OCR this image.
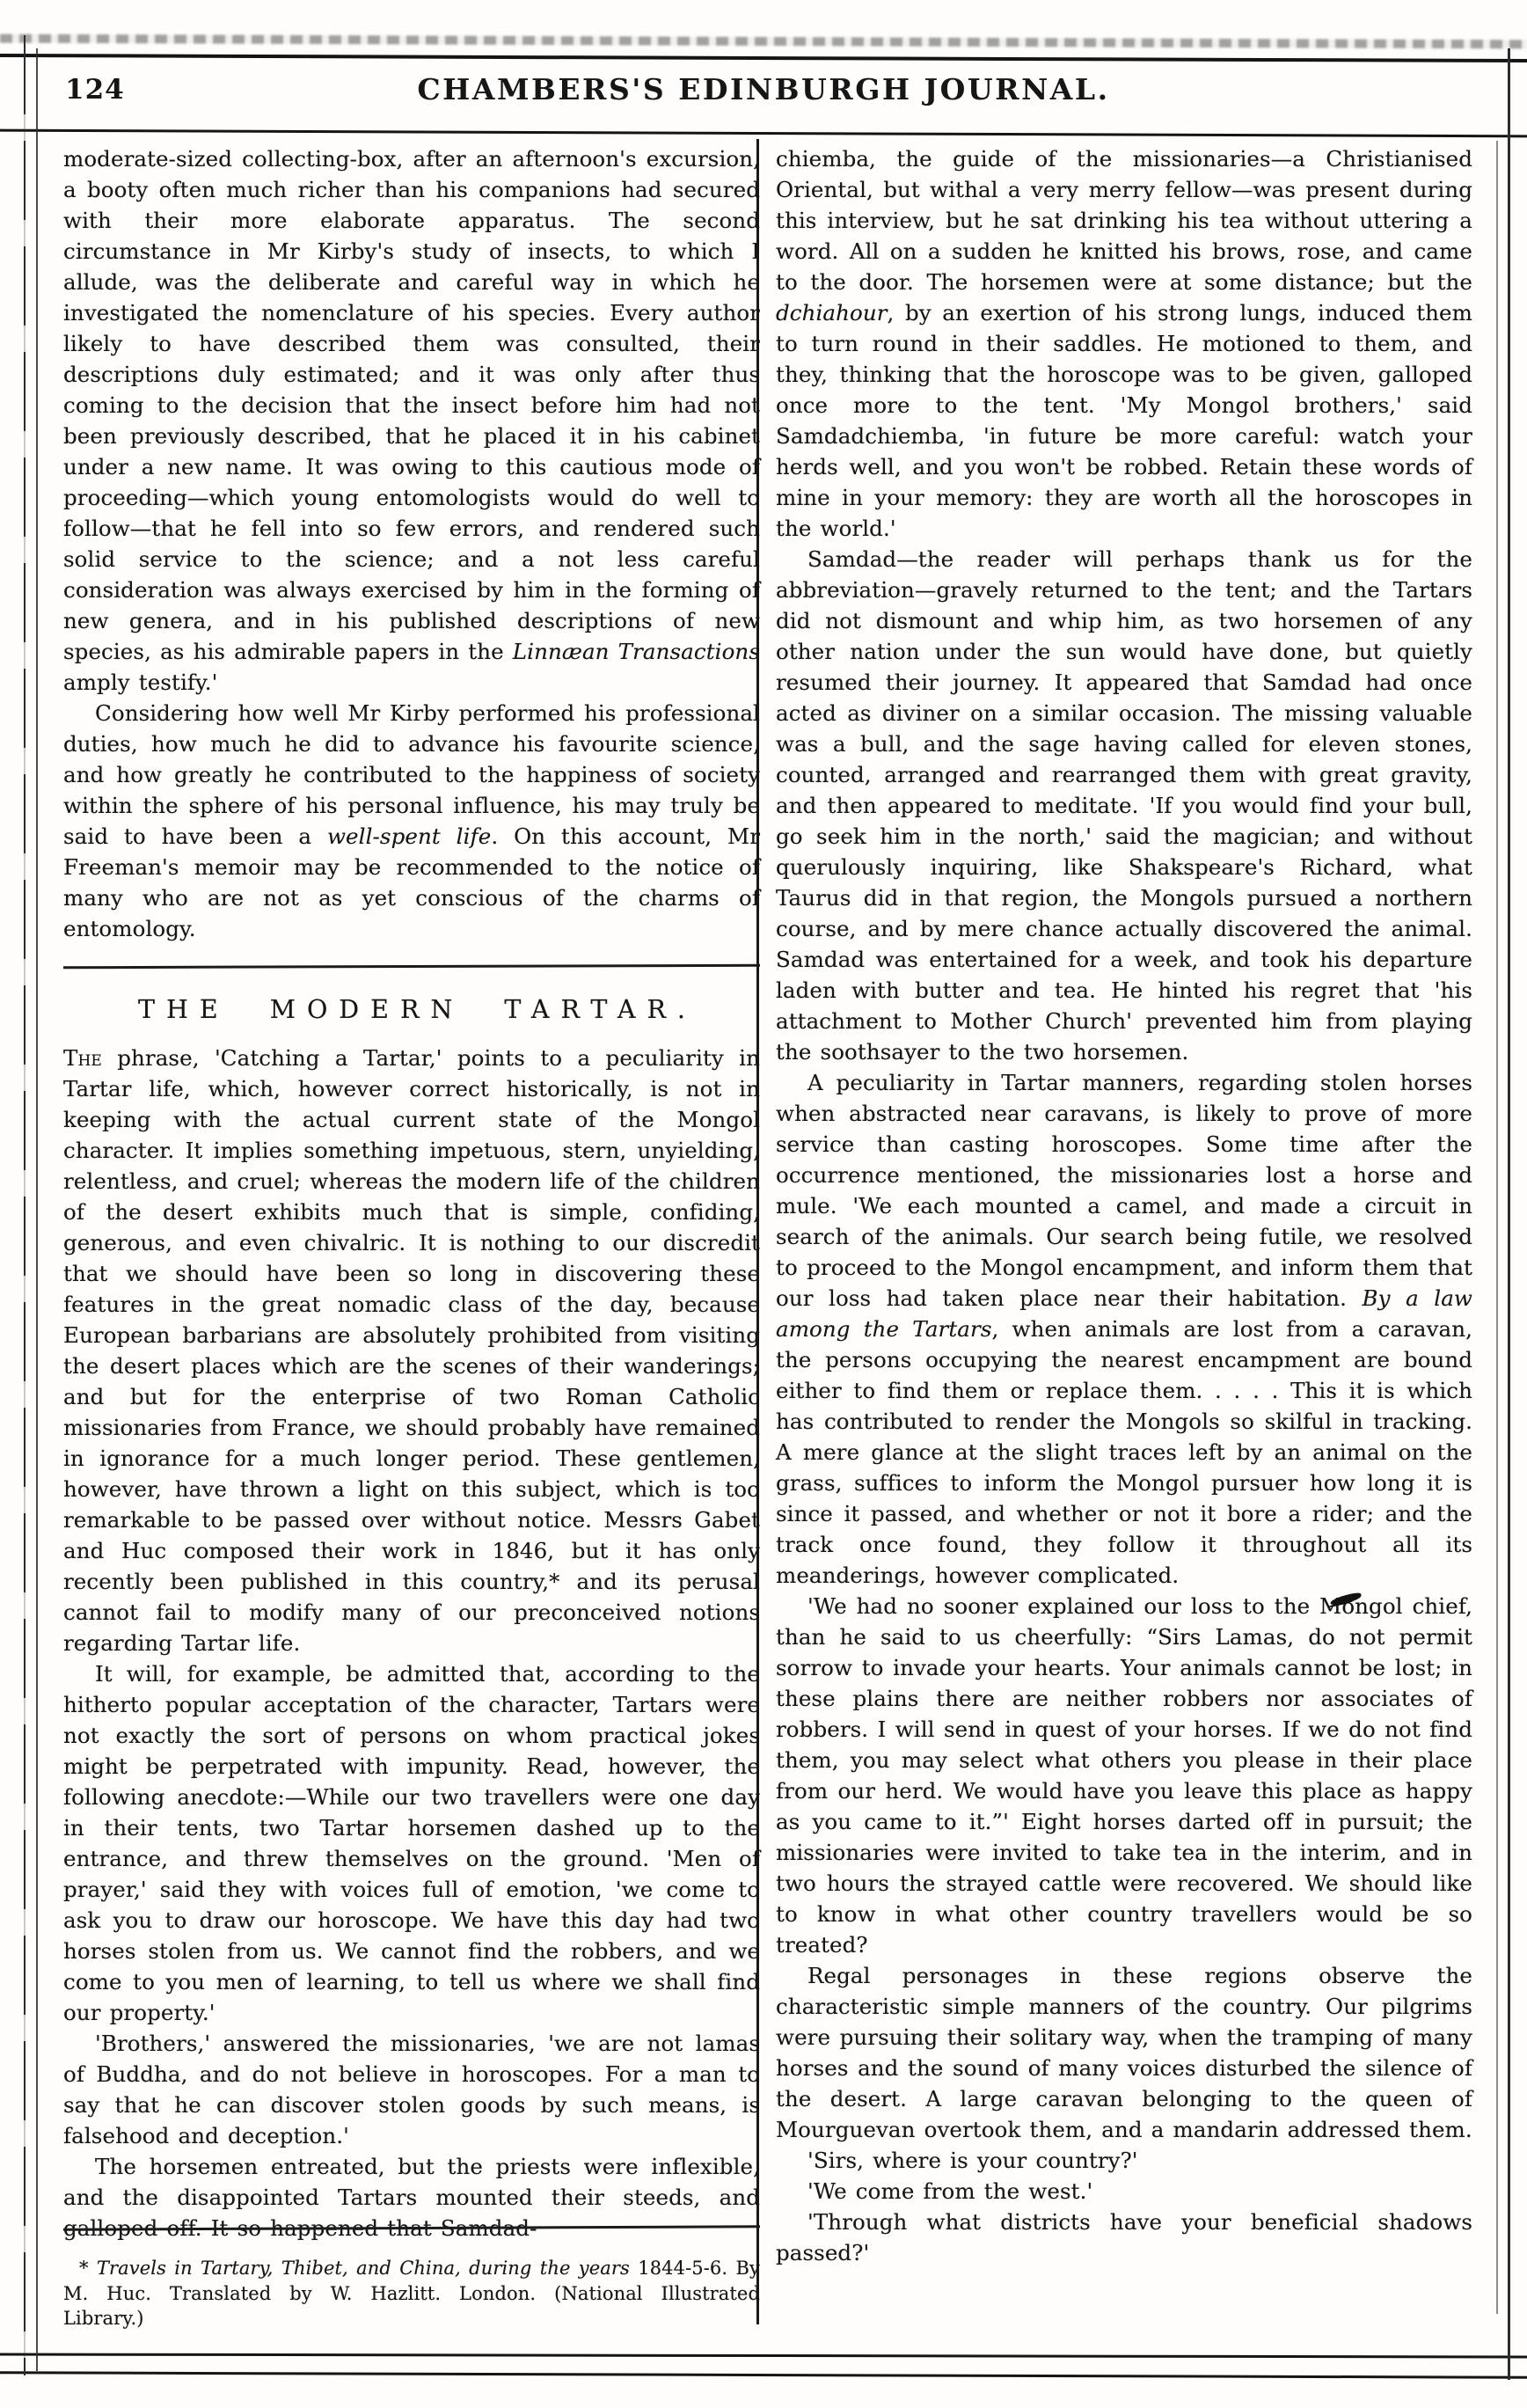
124	CHAMBERS'S EDINBURGH JOURNAL.

moderate-sized collecting-box, after an afternoon's excursion, a booty often much richer than his companions had secured with their more elaborate apparatus. The second circumstance in Mr Kirby's study of insects, to which I allude, was the deliberate and careful way in which he investigated the nomenclature of his species. Every author likely to have described them was consulted, their descriptions duly estimated; and it was only after thus coming to the decision that the insect before him had not been previously described, that he placed it in his cabinet under a new name. It was owing to this cautious mode of proceeding—which young entomologists would do well to follow—that he fell into so few errors, and rendered such solid service to the science; and a not less careful consideration was always exercised by him in the forming of new genera, and in his published descriptions of new species, as his admirable papers in the Linnæan Transactions amply testify.'

Considering how well Mr Kirby performed his professional duties, how much he did to advance his favourite science, and how greatly he contributed to the happiness of society within the sphere of his personal influence, his may truly be said to have been a well-spent life. On this account, Mr Freeman's memoir may be recommended to the notice of many who are not as yet conscious of the charms of entomology.

THE MODERN TARTAR.

The phrase, 'Catching a Tartar,' points to a peculiarity in Tartar life, which, however correct historically, is not in keeping with the actual current state of the Mongol character. It implies something impetuous, stern, unyielding, relentless, and cruel; whereas the modern life of the children of the desert exhibits much that is simple, confiding, generous, and even chivalric. It is nothing to our discredit that we should have been so long in discovering these features in the great nomadic class of the day, because European barbarians are absolutely prohibited from visiting the desert places which are the scenes of their wanderings; and but for the enterprise of two Roman Catholic missionaries from France, we should probably have remained in ignorance for a much longer period. These gentlemen, however, have thrown a light on this subject, which is too remarkable to be passed over without notice. Messrs Gabet and Huc composed their work in 1846, but it has only recently been published in this country,* and its perusal cannot fail to modify many of our preconceived notions regarding Tartar life.

It will, for example, be admitted that, according to the hitherto popular acceptation of the character, Tartars were not exactly the sort of persons on whom practical jokes might be perpetrated with impunity. Read, however, the following anecdote:—While our two travellers were one day in their tents, two Tartar horsemen dashed up to the entrance, and threw themselves on the ground. 'Men of prayer,' said they with voices full of emotion, 'we come to ask you to draw our horoscope. We have this day had two horses stolen from us. We cannot find the robbers, and we come to you men of learning, to tell us where we shall find our property.'

'Brothers,' answered the missionaries, 'we are not lamas of Buddha, and do not believe in horoscopes. For a man to say that he can discover stolen goods by such means, is falsehood and deception.'

The horsemen entreated, but the priests were inflexible, and the disappointed Tartars mounted their steeds, and galloped off. It so happened that Samdad-

* Travels in Tartary, Thibet, and China, during the years 1844-5-6. By M. Huc. Translated by W. Hazlitt. London. (National Illustrated Library.)

chiemba, the guide of the missionaries—a Christianised Oriental, but withal a very merry fellow—was present during this interview, but he sat drinking his tea without uttering a word. All on a sudden he knitted his brows, rose, and came to the door. The horsemen were at some distance; but the dchiahour, by an exertion of his strong lungs, induced them to turn round in their saddles. He motioned to them, and they, thinking that the horoscope was to be given, galloped once more to the tent. 'My Mongol brothers,' said Samdadchiemba, 'in future be more careful: watch your herds well, and you won't be robbed. Retain these words of mine in your memory: they are worth all the horoscopes in the world.'

Samdad—the reader will perhaps thank us for the abbreviation—gravely returned to the tent; and the Tartars did not dismount and whip him, as two horsemen of any other nation under the sun would have done, but quietly resumed their journey. It appeared that Samdad had once acted as diviner on a similar occasion. The missing valuable was a bull, and the sage having called for eleven stones, counted, arranged and rearranged them with great gravity, and then appeared to meditate. 'If you would find your bull, go seek him in the north,' said the magician; and without querulously inquiring, like Shakspeare's Richard, what Taurus did in that region, the Mongols pursued a northern course, and by mere chance actually discovered the animal. Samdad was entertained for a week, and took his departure laden with butter and tea. He hinted his regret that 'his attachment to Mother Church' prevented him from playing the soothsayer to the two horsemen.

A peculiarity in Tartar manners, regarding stolen horses when abstracted near caravans, is likely to prove of more service than casting horoscopes. Some time after the occurrence mentioned, the missionaries lost a horse and mule. 'We each mounted a camel, and made a circuit in search of the animals. Our search being futile, we resolved to proceed to the Mongol encampment, and inform them that our loss had taken place near their habitation. By a law among the Tartars, when animals are lost from a caravan, the persons occupying the nearest encampment are bound either to find them or replace them. . . . . This it is which has contributed to render the Mongols so skilful in tracking. A mere glance at the slight traces left by an animal on the grass, suffices to inform the Mongol pursuer how long it is since it passed, and whether or not it bore a rider; and the track once found, they follow it throughout all its meanderings, however complicated.

'We had no sooner explained our loss to the Mongol chief, than he said to us cheerfully: “Sirs Lamas, do not permit sorrow to invade your hearts. Your animals cannot be lost; in these plains there are neither robbers nor associates of robbers. I will send in quest of your horses. If we do not find them, you may select what others you please in their place from our herd. We would have you leave this place as happy as you came to it.”' Eight horses darted off in pursuit; the missionaries were invited to take tea in the interim, and in two hours the strayed cattle were recovered. We should like to know in what other country travellers would be so treated?

Regal personages in these regions observe the characteristic simple manners of the country. Our pilgrims were pursuing their solitary way, when the tramping of many horses and the sound of many voices disturbed the silence of the desert. A large caravan belonging to the queen of Mourguevan overtook them, and a mandarin addressed them.

'Sirs, where is your country?'

'We come from the west.'

'Through what districts have your beneficial shadows passed?'
